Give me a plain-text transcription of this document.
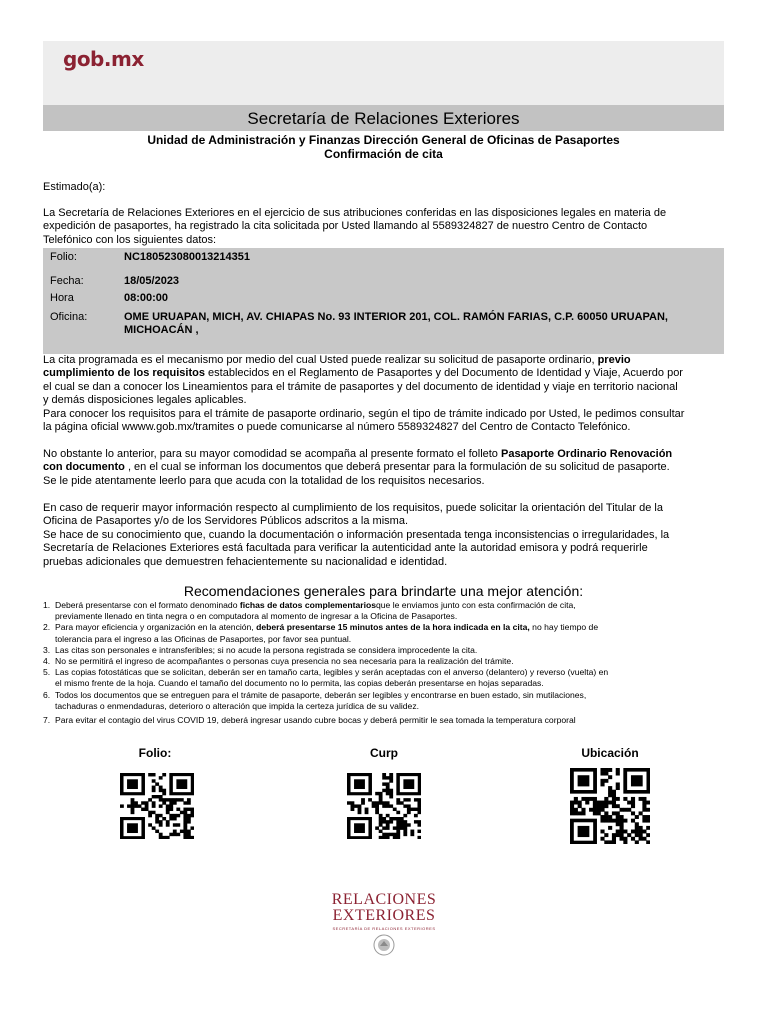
gob.mx
Secretaría de Relaciones Exteriores
Unidad de Administración y Finanzas Dirección General de Oficinas de Pasaportes
Confirmación de cita
Estimado(a):
La Secretaría de Relaciones Exteriores en el ejercicio de sus atribuciones conferidas en las disposiciones legales en materia de
expedición de pasaportes, ha registrado la cita solicitada por Usted llamando al 5589324827 de nuestro Centro de Contacto
Telefónico con los siguientes datos:
Folio:	NC180523080013214351
Fecha:	18/05/2023
Hora	08:00:00
Oficina:	OME URUAPAN, MICH, AV. CHIAPAS No. 93 INTERIOR 201, COL. RAMÓN FARIAS, C.P. 60050 URUAPAN,
MICHOACÁN ,
La cita programada es el mecanismo por medio del cual Usted puede realizar su solicitud de pasaporte ordinario, previo
cumplimiento de los requisitos establecidos en el Reglamento de Pasaportes y del Documento de Identidad y Viaje, Acuerdo por
el cual se dan a conocer los Lineamientos para el trámite de pasaportes y del documento de identidad y viaje en territorio nacional
y demás disposiciones legales aplicables.
Para conocer los requisitos para el trámite de pasaporte ordinario, según el tipo de trámite indicado por Usted, le pedimos consultar
la página oficial wwww.gob.mx/tramites o puede comunicarse al número 5589324827 del Centro de Contacto Telefónico.
No obstante lo anterior, para su mayor comodidad se acompaña al presente formato el folleto Pasaporte Ordinario Renovación
con documento , en el cual se informan los documentos que deberá presentar para la formulación de su solicitud de pasaporte.
Se le pide atentamente leerlo para que acuda con la totalidad de los requisitos necesarios.
En caso de requerir mayor información respecto al cumplimiento de los requisitos, puede solicitar la orientación del Titular de la
Oficina de Pasaportes y/o de los Servidores Públicos adscritos a la misma.
Se hace de su conocimiento que, cuando la documentación o información presentada tenga inconsistencias o irregularidades, la
Secretaría de Relaciones Exteriores está facultada para verificar la autenticidad ante la autoridad emisora y podrá requerirle
pruebas adicionales que demuestren fehacientemente su nacionalidad e identidad.
Recomendaciones generales para brindarte una mejor atención:
1. Deberá presentarse con el formato denominado fichas de datos complementariosque le enviamos junto con esta confirmación de cita,
previamente llenado en tinta negra o en computadora al momento de ingresar a la Oficina de Pasaportes.
2. Para mayor eficiencia y organización en la atención, deberá presentarse 15 minutos antes de la hora indicada en la cita, no hay tiempo de
tolerancia para el ingreso a las Oficinas de Pasaportes, por favor sea puntual.
3. Las citas son personales e intransferibles; si no acude la persona registrada se considera improcedente la cita.
4. No se permitirá el ingreso de acompañantes o personas cuya presencia no sea necesaria para la realización del trámite.
5. Las copias fotostáticas que se solicitan, deberán ser en tamaño carta, legibles y serán aceptadas con el anverso (delantero) y reverso (vuelta) en
el mismo frente de la hoja. Cuando el tamaño del documento no lo permita, las copias deberán presentarse en hojas separadas.
6. Todos los documentos que se entreguen para el trámite de pasaporte, deberán ser legibles y encontrarse en buen estado, sin mutilaciones,
tachaduras o enmendaduras, deterioro o alteración que impida la certeza jurídica de su validez.
7. Para evitar el contagio del virus COVID 19, deberá ingresar usando cubre bocas y deberá permitir le sea tomada la temperatura corporal
Folio:	Curp	Ubicación
RELACIONES
EXTERIORES
SECRETARÍA DE RELACIONES EXTERIORES
